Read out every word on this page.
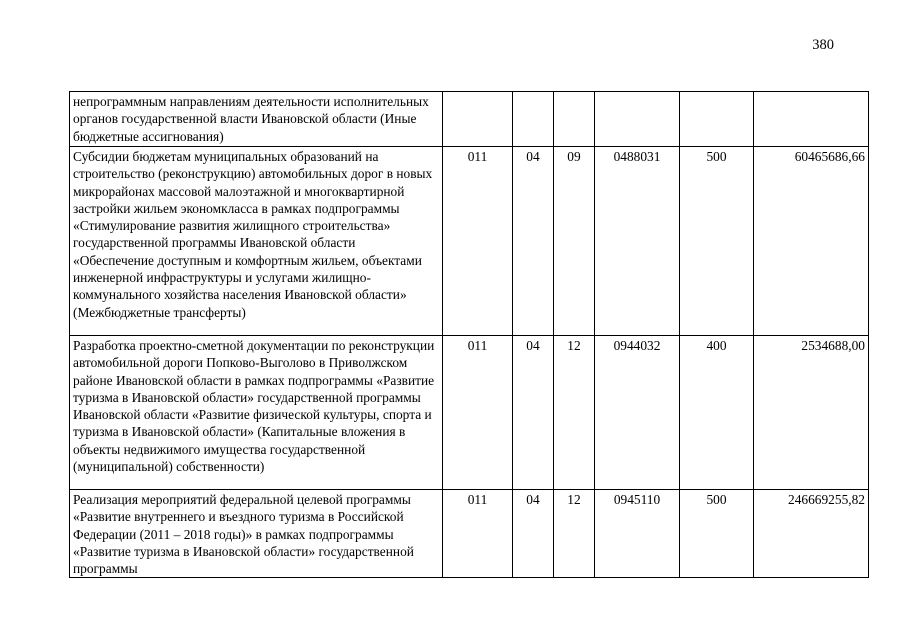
380
непрограммным направлениям деятельности исполнительных органов государственной власти Ивановской области (Иные бюджетные ассигнования)						
Субсидии бюджетам муниципальных образований на строительство (реконструкцию) автомобильных дорог в новых микрорайонах массовой малоэтажной и многоквартирной застройки жильем экономкласса в рамках подпрограммы «Стимулирование развития жилищного строительства» государственной программы Ивановской области «Обеспечение доступным и комфортным жильем, объектами инженерной инфраструктуры и услугами жилищно-коммунального хозяйства населения Ивановской области» (Межбюджетные трансферты)	011	04	09	0488031	500	60465686,66
Разработка проектно-сметной документации по реконструкции автомобильной дороги Попково-Выголово в Приволжском районе Ивановской области в рамках подпрограммы «Развитие туризма в Ивановской области» государственной программы Ивановской области «Развитие физической культуры, спорта и туризма в Ивановской области» (Капитальные вложения в объекты недвижимого имущества государственной (муниципальной) собственности)	011	04	12	0944032	400	2534688,00
Реализация мероприятий федеральной целевой программы «Развитие внутреннего и въездного туризма в Российской Федерации (2011 – 2018 годы)» в рамках подпрограммы «Развитие туризма в Ивановской области» государственной программы	011	04	12	0945110	500	246669255,82
